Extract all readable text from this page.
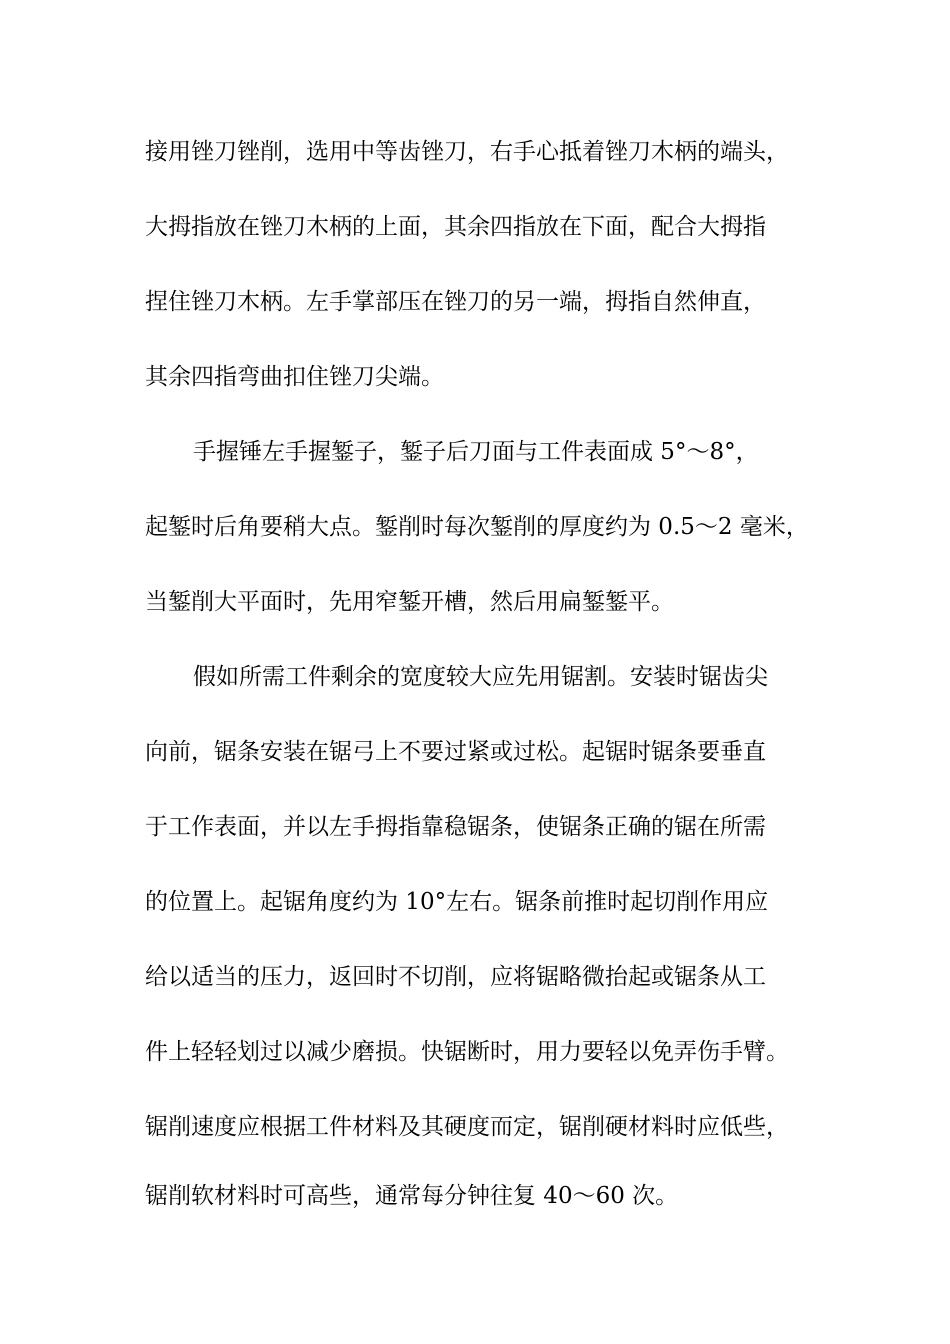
接用锉刀锉削，选用中等齿锉刀，右手心抵着锉刀木柄的端头，
大拇指放在锉刀木柄的上面，其余四指放在下面，配合大拇指
捏住锉刀木柄。左手掌部压在锉刀的另一端，拇指自然伸直，
其余四指弯曲扣住锉刀尖端。
手握锤左手握錾子，錾子后刀面与工件表面成 5°～8°，
起錾时后角要稍大点。錾削时每次錾削的厚度约为 0.5～2 毫米，
当錾削大平面时，先用窄錾开槽，然后用扁錾錾平。
假如所需工件剩余的宽度较大应先用锯割。安装时锯齿尖
向前，锯条安装在锯弓上不要过紧或过松。起锯时锯条要垂直
于工作表面，并以左手拇指靠稳锯条，使锯条正确的锯在所需
的位置上。起锯角度约为 10°左右。锯条前推时起切削作用应
给以适当的压力，返回时不切削，应将锯略微抬起或锯条从工
件上轻轻划过以减少磨损。快锯断时，用力要轻以免弄伤手臂。
锯削速度应根据工件材料及其硬度而定，锯削硬材料时应低些，
锯削软材料时可高些，通常每分钟往复 40～60 次。
